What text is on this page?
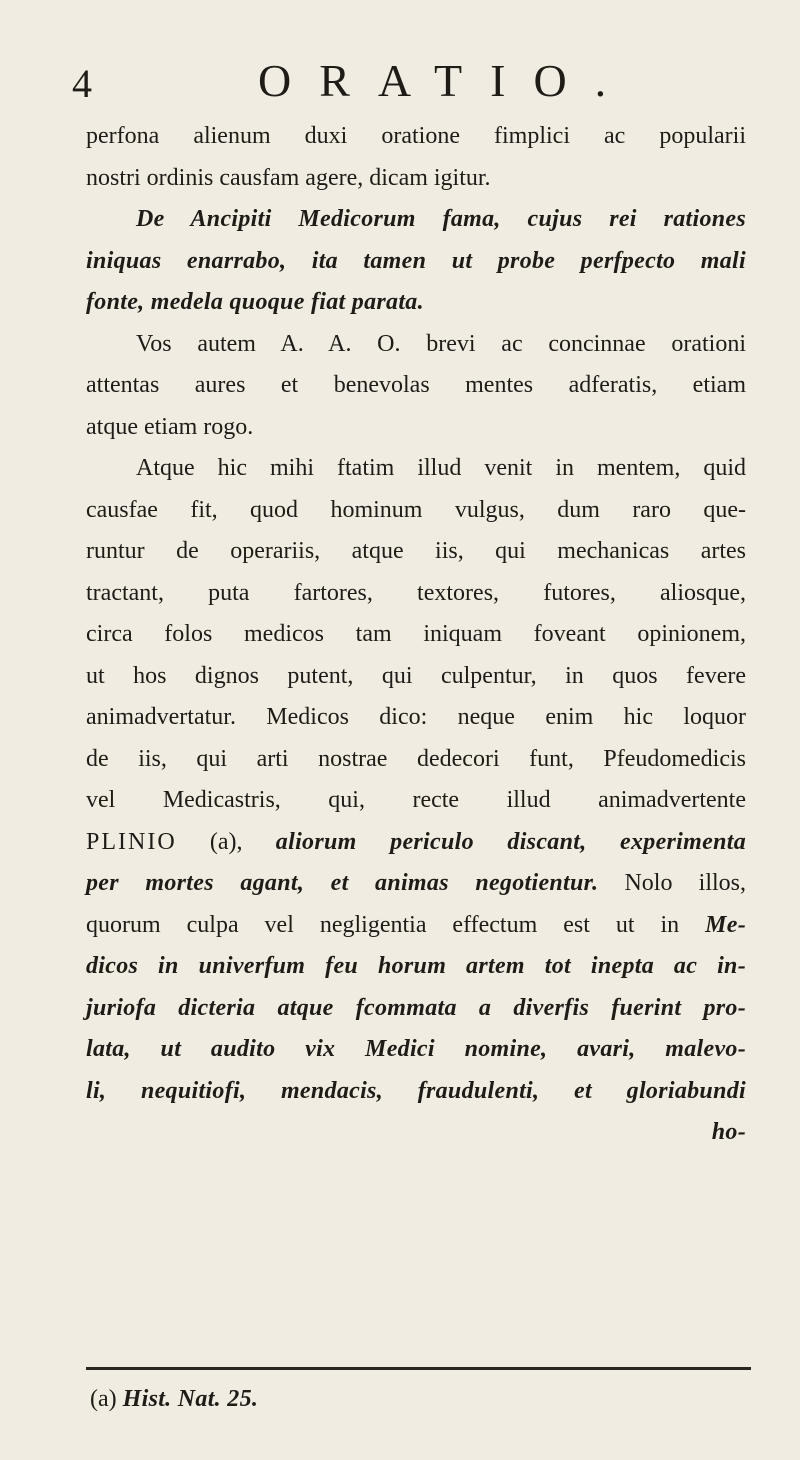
4	ORATIO.
perfona alienum duxi oratione fimplici ac popularii
nostri ordinis causfam agere, dicam igitur.
De Ancipiti Medicorum fama, cujus rei rationes
iniquas enarrabo, ita tamen ut probe perfpecto mali
fonte, medela quoque fiat parata.
Vos autem A. A. O. brevi ac concinnae orationi
attentas aures et benevolas mentes adferatis, etiam
atque etiam rogo.
Atque hic mihi ftatim illud venit in mentem, quid
causfae fit, quod hominum vulgus, dum raro que-
runtur de operariis, atque iis, qui mechanicas artes
tractant, puta fartores, textores, futores, aliosque,
circa folos medicos tam iniquam foveant opinionem,
ut hos dignos putent, qui culpentur, in quos fevere
animadvertatur. Medicos dico: neque enim hic loquor
de iis, qui arti nostrae dedecori funt, Pfeudomedicis
vel Medicastris, qui, recte illud animadvertente
PLINIO (a), aliorum periculo discant, experimenta
per mortes agant, et animas negotientur. Nolo illos,
quorum culpa vel negligentia effectum est ut in Me-
dicos in univerfum feu horum artem tot inepta ac in-
juriofa dicteria atque fcommata a diverfis fuerint pro-
lata, ut audito vix Medici nomine, avari, malevo-
li, nequitiofi, mendacis, fraudulenti, et gloriabundi
ho-
(a) Hist. Nat. 25.
